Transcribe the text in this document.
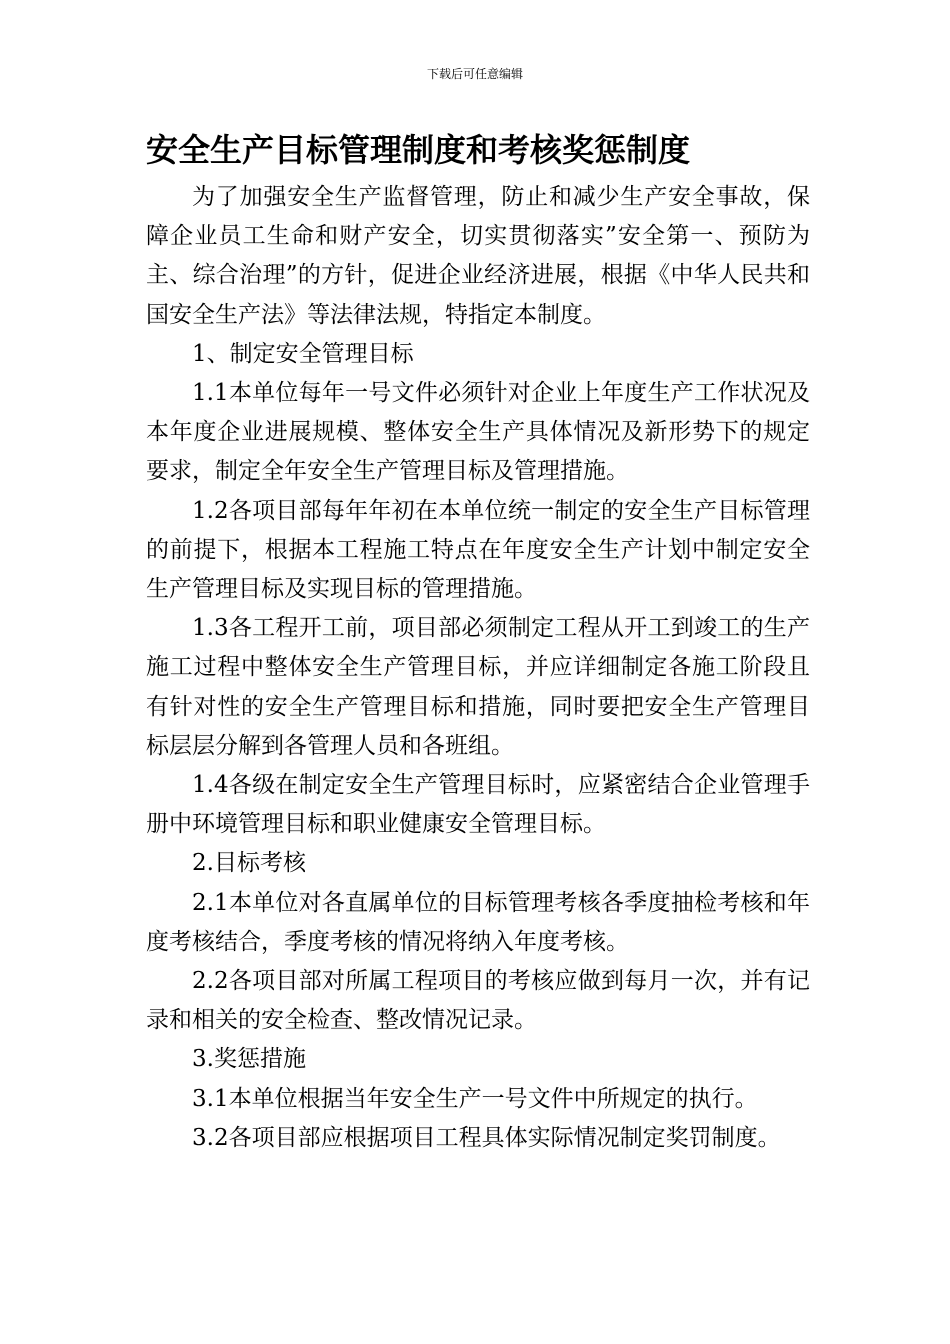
下载后可任意编辑
安全生产目标管理制度和考核奖惩制度

为了加强安全生产监督管理，防止和减少生产安全事故，保障企业员工生命和财产安全，切实贯彻落实”安全第一、预防为主、综合治理”的方针，促进企业经济进展，根据《中华人民共和国安全生产法》等法律法规，特指定本制度。

1、制定安全管理目标

1.1本单位每年一号文件必须针对企业上年度生产工作状况及本年度企业进展规模、整体安全生产具体情况及新形势下的规定要求，制定全年安全生产管理目标及管理措施。

1.2各项目部每年年初在本单位统一制定的安全生产目标管理的前提下，根据本工程施工特点在年度安全生产计划中制定安全生产管理目标及实现目标的管理措施。

1.3各工程开工前，项目部必须制定工程从开工到竣工的生产施工过程中整体安全生产管理目标，并应详细制定各施工阶段且有针对性的安全生产管理目标和措施，同时要把安全生产管理目标层层分解到各管理人员和各班组。

1.4各级在制定安全生产管理目标时，应紧密结合企业管理手册中环境管理目标和职业健康安全管理目标。

2.目标考核

2.1本单位对各直属单位的目标管理考核各季度抽检考核和年度考核结合，季度考核的情况将纳入年度考核。

2.2各项目部对所属工程项目的考核应做到每月一次，并有记录和相关的安全检查、整改情况记录。

3.奖惩措施

3.1本单位根据当年安全生产一号文件中所规定的执行。

3.2各项目部应根据项目工程具体实际情况制定奖罚制度。
